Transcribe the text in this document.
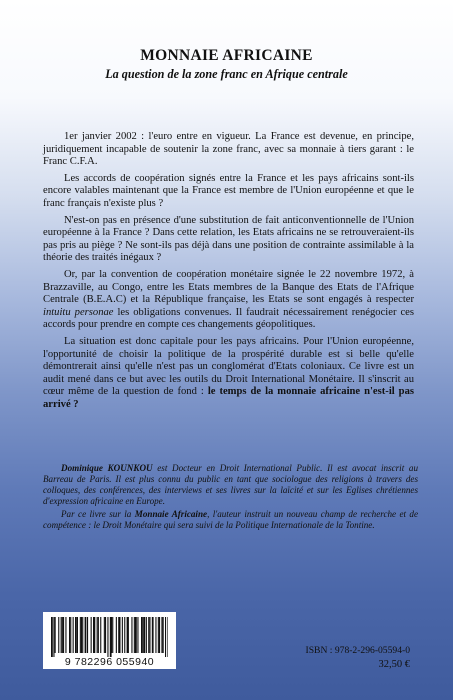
MONNAIE AFRICAINE
La question de la zone franc en Afrique centrale

1er janvier 2002 : l'euro entre en vigueur. La France est devenue, en principe, juridiquement incapable de soutenir la zone franc, avec sa monnaie à tiers garant : le Franc C.F.A.

Les accords de coopération signés entre la France et les pays africains sont-ils encore valables maintenant que la France est membre de l'Union européenne et que le franc français n'existe plus ?

N'est-on pas en présence d'une substitution de fait anticonventionnelle de l'Union européenne à la France ? Dans cette relation, les Etats africains ne se retrouveraient-ils pas pris au piège ? Ne sont-ils pas déjà dans une position de contrainte assimilable à la théorie des traités inégaux ?

Or, par la convention de coopération monétaire signée le 22 novembre 1972, à Brazzaville, au Congo, entre les Etats membres de la Banque des Etats de l'Afrique Centrale (B.E.A.C) et la République française, les Etats se sont engagés à respecter intuitu personae les obligations convenues. Il faudrait nécessairement renégocier ces accords pour prendre en compte ces changements géopolitiques.

La situation est donc capitale pour les pays africains. Pour l'Union européenne, l'opportunité de choisir la politique de la prospérité durable est si belle qu'elle démontrerait ainsi qu'elle n'est pas un conglomérat d'Etats coloniaux. Ce livre est un audit mené dans ce but avec les outils du Droit International Monétaire. Il s'inscrit au cœur même de la question de fond : le temps de la monnaie africaine n'est-il pas arrivé ?

Dominique KOUNKOU est Docteur en Droit International Public. Il est avocat inscrit au Barreau de Paris. Il est plus connu du public en tant que sociologue des religions à travers des colloques, des conférences, des interviews et ses livres sur la laïcité et sur les Eglises chrétiennes d'expression africaine en Europe.

Par ce livre sur la Monnaie Africaine, l'auteur instruit un nouveau champ de recherche et de compétence : le Droit Monétaire qui sera suivi de la Politique Internationale de la Tontine.

9 782296 055940
ISBN : 978-2-296-05594-0
32,50 €
